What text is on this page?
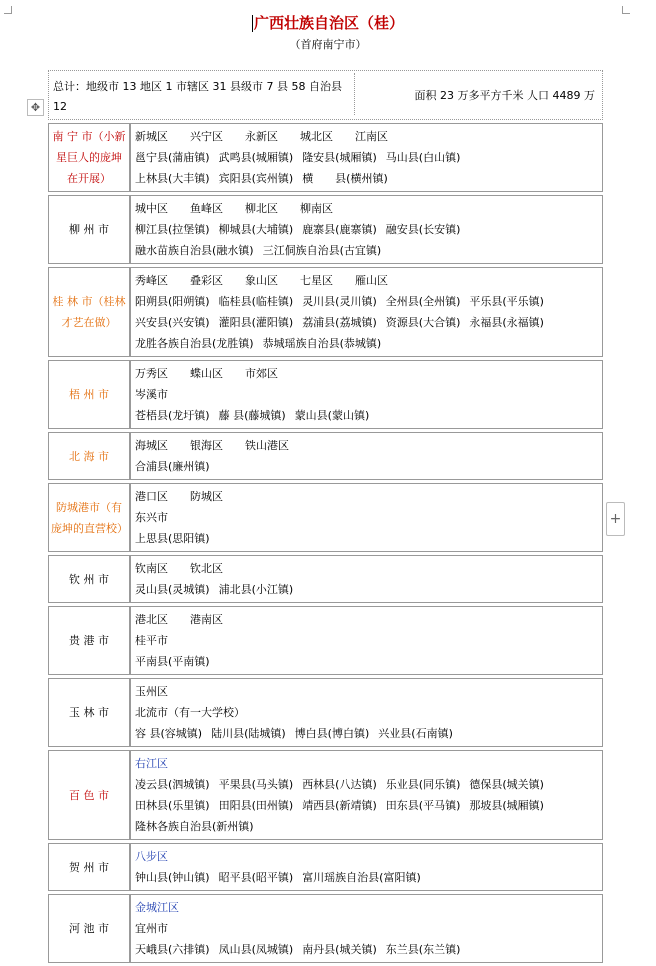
广西壮族自治区（桂）
（首府南宁市）
总计：地级市 13 地区 1 市辖区 31 县级市 7 县 58 自治县 12
面积 23 万多平方千米 人口 4489 万
✥
+
南 宁 市（小新星巨人的庞坤在开展）	新城区 兴宁区 永新区 城北区 江南区
邕宁县(蒲庙镇) 武鸣县(城厢镇) 隆安县(城厢镇) 马山县(白山镇)
上林县(大丰镇) 宾阳县(宾州镇) 横　　县(横州镇)

柳 州 市	城中区 鱼峰区 柳北区 柳南区
柳江县(拉堡镇) 柳城县(大埔镇) 鹿寨县(鹿寨镇) 融安县(长安镇)
融水苗族自治县(融水镇) 三江侗族自治县(古宜镇)

桂 林 市（桂林才艺在做）	秀峰区 叠彩区 象山区 七星区 雁山区
阳朔县(阳朔镇) 临桂县(临桂镇) 灵川县(灵川镇) 全州县(全州镇) 平乐县(平乐镇)
兴安县(兴安镇) 灌阳县(灌阳镇) 荔浦县(荔城镇) 资源县(大合镇) 永福县(永福镇)
龙胜各族自治县(龙胜镇) 恭城瑶族自治县(恭城镇)

梧 州 市	万秀区 蝶山区 市郊区
岑溪市
苍梧县(龙圩镇) 藤 县(藤城镇) 蒙山县(蒙山镇)

北 海 市	海城区 银海区 铁山港区
合浦县(廉州镇)

防城港市（有庞坤的直营校）	港口区 防城区
东兴市
上思县(思阳镇)

钦 州 市	钦南区 钦北区
灵山县(灵城镇) 浦北县(小江镇)

贵 港 市	港北区 港南区
桂平市
平南县(平南镇)

玉 林 市	玉州区
北流市（有一大学校）
容 县(容城镇) 陆川县(陆城镇) 博白县(博白镇) 兴业县(石南镇)

百 色 市	右江区
凌云县(泗城镇) 平果县(马头镇) 西林县(八达镇) 乐业县(同乐镇) 德保县(城关镇)
田林县(乐里镇) 田阳县(田州镇) 靖西县(新靖镇) 田东县(平马镇) 那坡县(城厢镇)
隆林各族自治县(新州镇)

贺 州 市	八步区
钟山县(钟山镇) 昭平县(昭平镇) 富川瑶族自治县(富阳镇)

河 池 市	金城江区
宜州市
天峨县(六排镇) 凤山县(凤城镇) 南丹县(城关镇) 东兰县(东兰镇)
